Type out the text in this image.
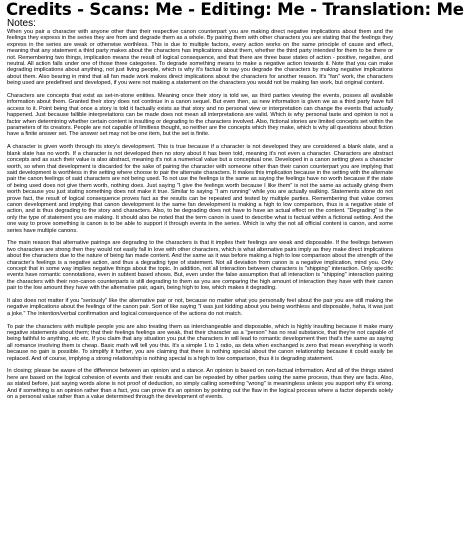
Credits - Scans: Me - Editing: Me - Translation: Me
Notes:

When you pair a character with anyone other than their respective canon counterpart you are making direct negative implications about them and the feelings they express in the series they are from and degrade them as a whole. By pairing them with other characters you are stating that the feelings they express in the series are weak or otherwise worthless. This is due to multiple factors, every action works on the same principle of cause and effect, meaning that any statement a third party makes about the characters has implications about them, whether the third party intended for them to be there or not. Remembering two things, implication means the result of logical consequence, and that there are three base states of action - positive, negative, and neutral. All action falls under one of those three categories. To degrade something means to make a negative action towards it. Note that you can make degrading implications about anything, not just living people, which is why it's factual to say you degrade the characters by making negative implications about them. Also bearing in mind that all fan made work makes direct implications about the characters for another reason. It's "fan" work, the characters being used are predefined and developed, if you were not making a statement on the characters you would not be making fan work, but original content.

Characters are concepts that exist as set-in-stone entities. Meaning once their story is told we, as third parties viewing the events, posses all available information about them. Granted their story does not continue in a canon sequel. But even then, as new information is given we as a third party have full access to it. Point being that once a story is told it factually exists as that story and no personal view or interpretation can change the events that actually happened. Just because fallible interpretations can be made does not mean all interpretations are valid. Which is why personal taste and opinion is not a factor when determining whether certain content is insulting or degrading to the characters involved. Also, fictional stories are limited concepts set within the parameters of its creators. People are not capable of limitless thought, so neither are the concepts which they make, which is why all questions about fiction have a finite answer set. The answer set may not be one item, but the set is finite.

A character is given worth through its story's development. This is true because if a character is not developed they are considered a blank slate, and a blank slate has no worth. If a character is not developed then no story about it has been told, meaning it's not even a character. Characters are abstract concepts and as such their value is also abstract, meaning it's not a numerical value but a conceptual one. Developed in a canon setting gives a character worth, so when that development is discarded for the sake of pairing the character with someone other than their canon counterpart you are implying that said development is worthless in the setting where choose to pair the alternate characters. It makes this implication because in the setting with the alternate pair the canon feelings of said characters are not being used. To not use the feelings is the same as saying the feelings have no worth because if the state of being used does not give them worth, nothing does. Just saying "I give the feelings worth because I like them" is not the same as actually giving them worth because you just stating something does not make it true. Similar to saying "I am running" while you are actually walking. Statements alone do not prove fact, the result of logical consequence proves fact as the results can be repeated and tested by multiple parties. Remembering that value comes canon development and implying that canon development is the same fan development is making a high to low comparison, thus is a negative state of action, and is thus degrading to the story and characters. Also, to be degrading does not have to have an actual effect on the content. "Degrading" is the only the type of statement you are making. It should also be noted that the term canon is used to describe what is factual within a fictional setting. And the one way to prove something is canon is to be able to support it through events in the series. Which is why the not all official content is canon, and some series have multiple canons.

The main reason that alternative pairings are degrading to the characters is that it implies their feelings are weak and disposable. If the feelings between two characters are strong then they would not easily fall in love with other characters, which is what alternative pairs imply as they make direct implications about the characters due to the nature of being fan made content. And the same as it was before making a high to low comparison about the strength of the character's feelings is a negative action, and thus a degrading type of statement. Not all deviation from canon is a negative implication, mind you. Only concept that in some way implies negative things about the topic. In addition, not all interaction between characters is "shipping" interaction. Only specific events have romantic connotations, even in subtext based shows. But, even under the false assumption that all interaction is "shipping" interaction pairing the characters with their non-canon counterparts is still degrading to them as you are comparing the high amount of interaction they have with their canon pair to the low amount they have with the alternative pair, again, being high to low, which makes it degrading.

It also does not matter if you "seriously" like the alternative pair or not, because no matter what you personally feel about the pair you are still making the negative implications about the feelings of the canon pair. Sort of like saying "I was just kidding about you being worthless and disposable, haha, it was just a joke." The intention/verbal confirmation and logical consequence of the actions do not match.

To pair the characters with multiple people you are also treating them as interchangeable and disposable, which is highly insulting because it make many negative statements about them; that their feelings feelings are weak, that their character as a "person" has no real substance, that they're not capable of being faithful to anything, etc etc. If you claim that any situation you put the characters in will lead to romantic development then that's the same as saying all romance involving them is cheap. Basic math will tell you this. It's a simple 1 to 1 ratio, as deta when exchanged is zero that mean everything is worth because no gain is possible. To simplify it further, you are claiming that there is nothing special about the canon relationship because it could easily be replaced. And of course, implying a strong relationship is nothing special is a high to low comparison, thus it is degrading statement.

In closing; please be aware of the difference between an opinion and a stance. An opinion is based on non-factual information. And all of the things stated here are based on the logical cohesion of events and their results and can be repeated by other parties using the same process, thus they are facts. Also, as stated before, just saying words alone is not proof of deduction, so simply calling something "wrong" is meaningless unless you support why it's wrong. And if something is an opinion rather than a fact, you can prove it's an opinion by pointing out the flaw in the logical process where a factor depends solely on a personal value rather than a value determined through the development of events.
